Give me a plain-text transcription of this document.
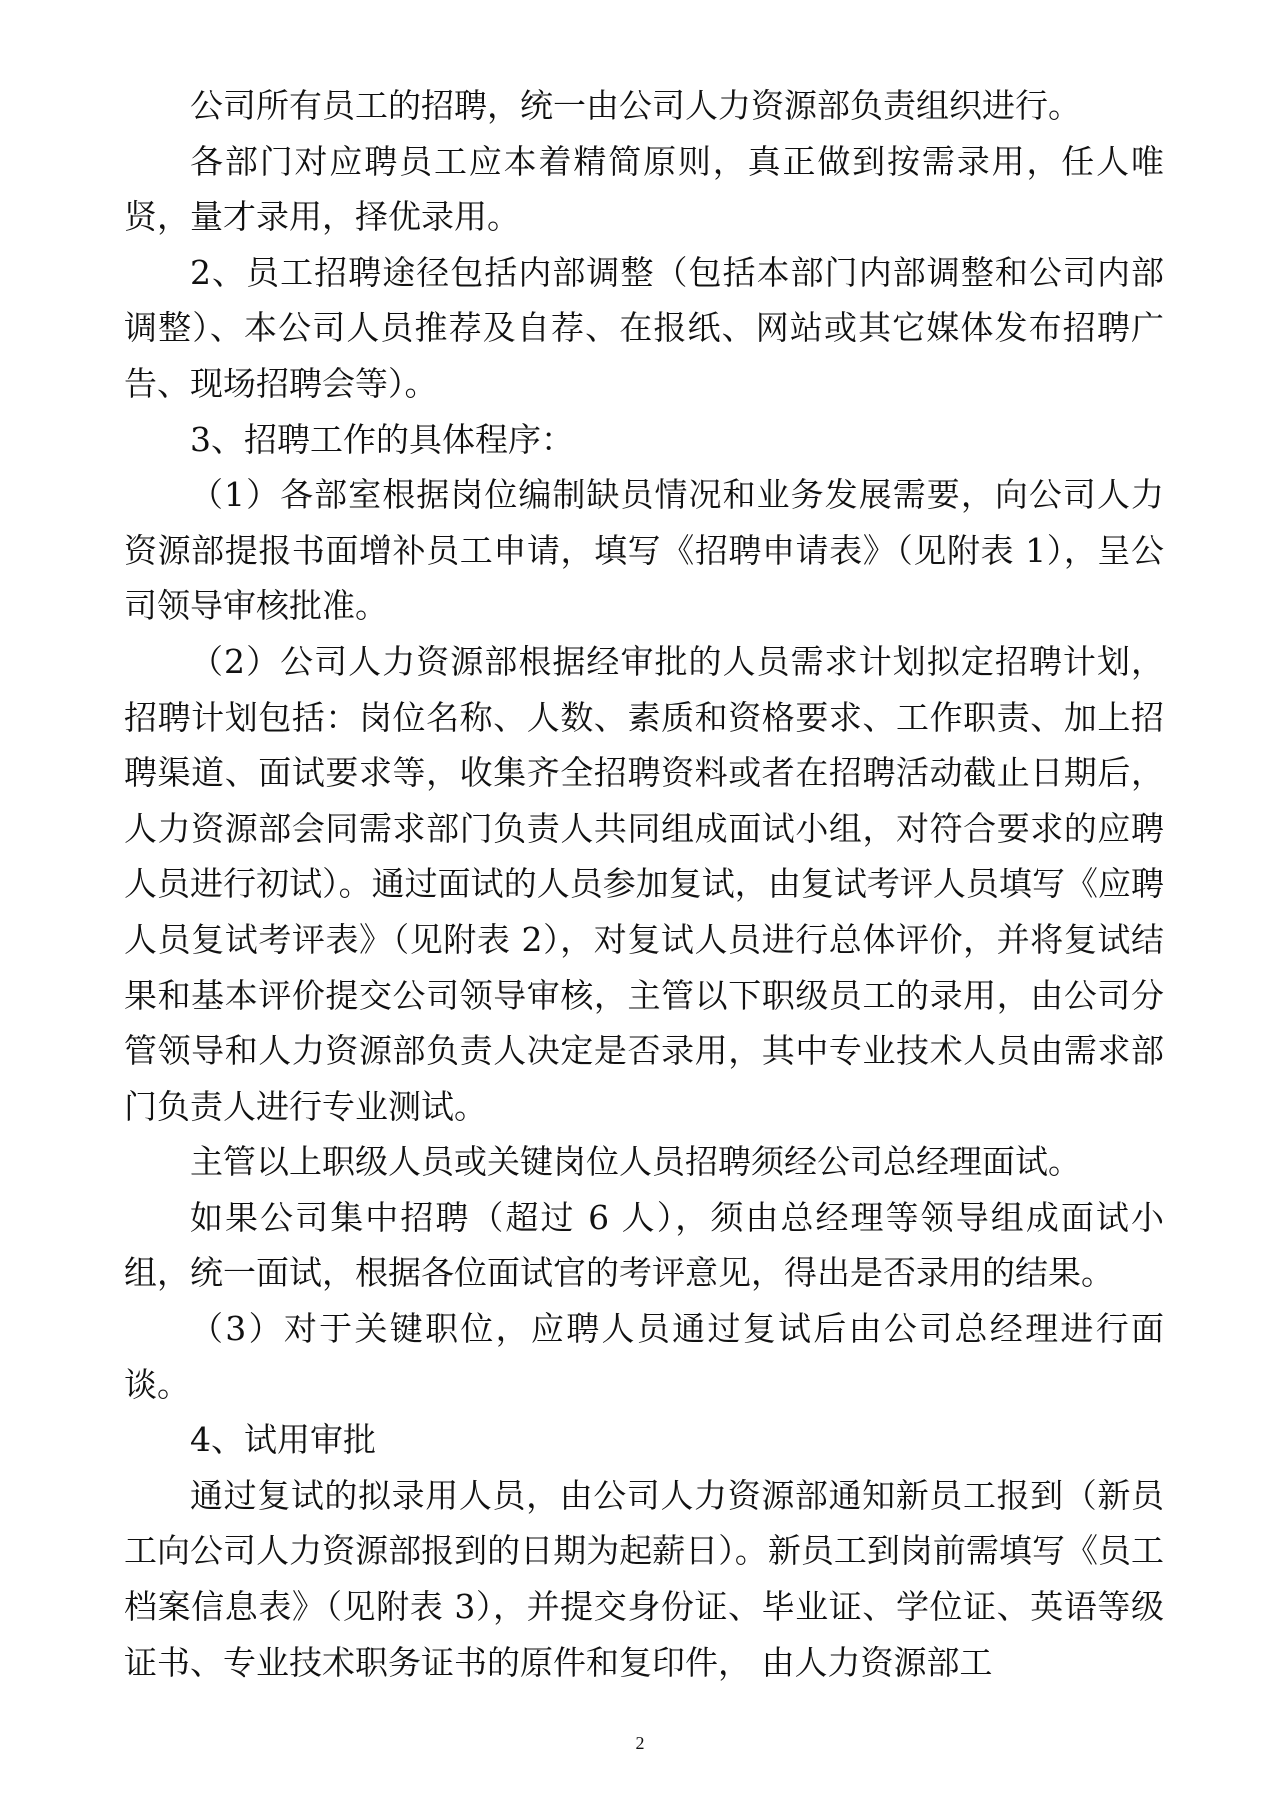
公司所有员工的招聘，统一由公司人力资源部负责组织进行。

各部门对应聘员工应本着精简原则，真正做到按需录用，任人唯贤，量才录用，择优录用。

2、员工招聘途径包括内部调整（包括本部门内部调整和公司内部调整）、本公司人员推荐及自荐、在报纸、网站或其它媒体发布招聘广告、现场招聘会等）。

3、招聘工作的具体程序：

（1）各部室根据岗位编制缺员情况和业务发展需要，向公司人力资源部提报书面增补员工申请，填写《招聘申请表》（见附表 1），呈公司领导审核批准。

（2）公司人力资源部根据经审批的人员需求计划拟定招聘计划，招聘计划包括：岗位名称、人数、素质和资格要求、工作职责、加上招聘渠道、面试要求等，收集齐全招聘资料或者在招聘活动截止日期后，人力资源部会同需求部门负责人共同组成面试小组，对符合要求的应聘人员进行初试）。通过面试的人员参加复试，由复试考评人员填写《应聘人员复试考评表》（见附表 2），对复试人员进行总体评价，并将复试结果和基本评价提交公司领导审核，主管以下职级员工的录用，由公司分管领导和人力资源部负责人决定是否录用，其中专业技术人员由需求部门负责人进行专业测试。

主管以上职级人员或关键岗位人员招聘须经公司总经理面试。

如果公司集中招聘（超过 6 人），须由总经理等领导组成面试小组，统一面试，根据各位面试官的考评意见，得出是否录用的结果。

（3）对于关键职位，应聘人员通过复试后由公司总经理进行面谈。

4、试用审批

通过复试的拟录用人员，由公司人力资源部通知新员工报到（新员工向公司人力资源部报到的日期为起薪日）。新员工到岗前需填写《员工档案信息表》（见附表 3），并提交身份证、毕业证、学位证、英语等级证书、专业技术职务证书的原件和复印件， 由人力资源部工

2
